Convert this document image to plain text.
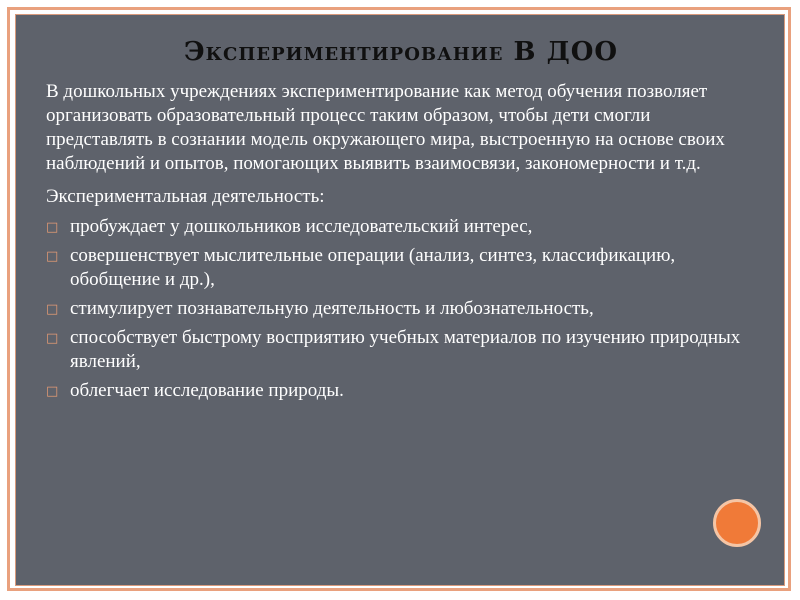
Экспериментирование В ДОО

В дошкольных учреждениях экспериментирование как метод обучения позволяет организовать образовательный процесс таким образом, чтобы дети смогли представлять в сознании модель окружающего мира, выстроенную на основе своих наблюдений и опытов, помогающих выявить взаимосвязи, закономерности и т.д.

Экспериментальная деятельность:

□ пробуждает у дошкольников исследовательский интерес,
□ совершенствует мыслительные операции (анализ, синтез, классификацию, обобщение и др.),
□ стимулирует познавательную деятельность и любознательность,
□ способствует быстрому восприятию учебных материалов по изучению природных явлений,
□ облегчает исследование природы.
